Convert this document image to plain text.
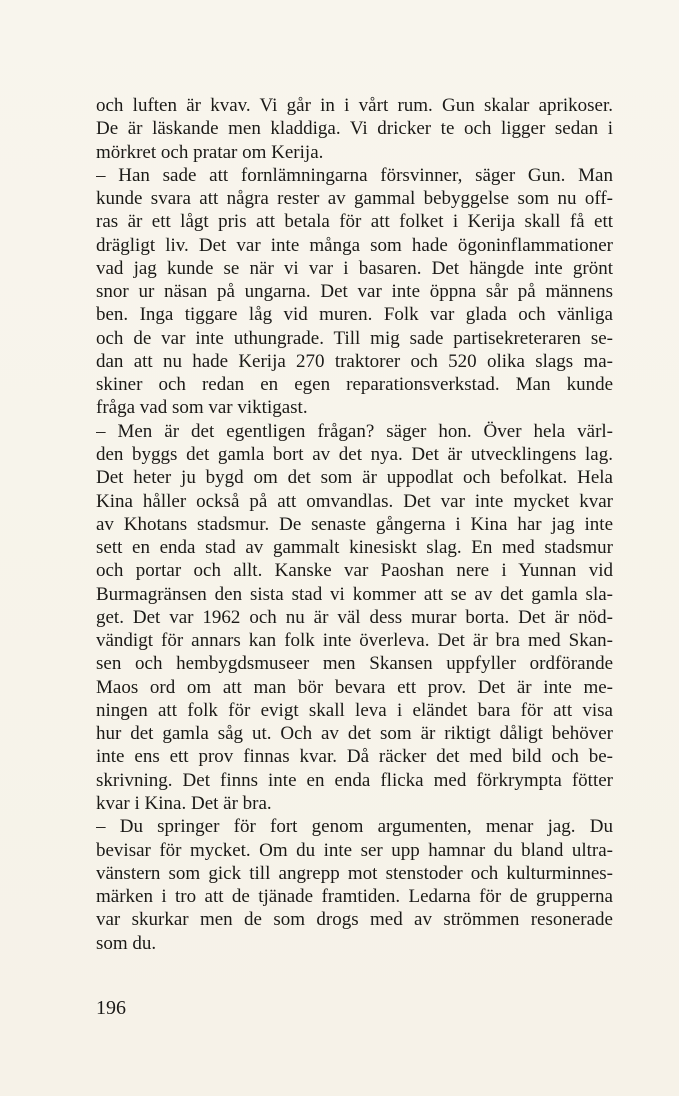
och luften är kvav. Vi går in i vårt rum. Gun skalar aprikoser.
De är läskande men kladdiga. Vi dricker te och ligger sedan i
mörkret och pratar om Kerija.
– Han sade att fornlämningarna försvinner, säger Gun. Man
kunde svara att några rester av gammal bebyggelse som nu off-
ras är ett lågt pris att betala för att folket i Kerija skall få ett
drägligt liv. Det var inte många som hade ögoninflammationer
vad jag kunde se när vi var i basaren. Det hängde inte grönt
snor ur näsan på ungarna. Det var inte öppna sår på männens
ben. Inga tiggare låg vid muren. Folk var glada och vänliga
och de var inte uthungrade. Till mig sade partisekreteraren se-
dan att nu hade Kerija 270 traktorer och 520 olika slags ma-
skiner och redan en egen reparationsverkstad. Man kunde
fråga vad som var viktigast.
– Men är det egentligen frågan? säger hon. Över hela värl-
den byggs det gamla bort av det nya. Det är utvecklingens lag.
Det heter ju bygd om det som är uppodlat och befolkat. Hela
Kina håller också på att omvandlas. Det var inte mycket kvar
av Khotans stadsmur. De senaste gångerna i Kina har jag inte
sett en enda stad av gammalt kinesiskt slag. En med stadsmur
och portar och allt. Kanske var Paoshan nere i Yunnan vid
Burmagränsen den sista stad vi kommer att se av det gamla sla-
get. Det var 1962 och nu är väl dess murar borta. Det är nöd-
vändigt för annars kan folk inte överleva. Det är bra med Skan-
sen och hembygdsmuseer men Skansen uppfyller ordförande
Maos ord om att man bör bevara ett prov. Det är inte me-
ningen att folk för evigt skall leva i eländet bara för att visa
hur det gamla såg ut. Och av det som är riktigt dåligt behöver
inte ens ett prov finnas kvar. Då räcker det med bild och be-
skrivning. Det finns inte en enda flicka med förkrympta fötter
kvar i Kina. Det är bra.
– Du springer för fort genom argumenten, menar jag. Du
bevisar för mycket. Om du inte ser upp hamnar du bland ultra-
vänstern som gick till angrepp mot stenstoder och kulturminnes-
märken i tro att de tjänade framtiden. Ledarna för de grupperna
var skurkar men de som drogs med av strömmen resonerade
som du.
196
